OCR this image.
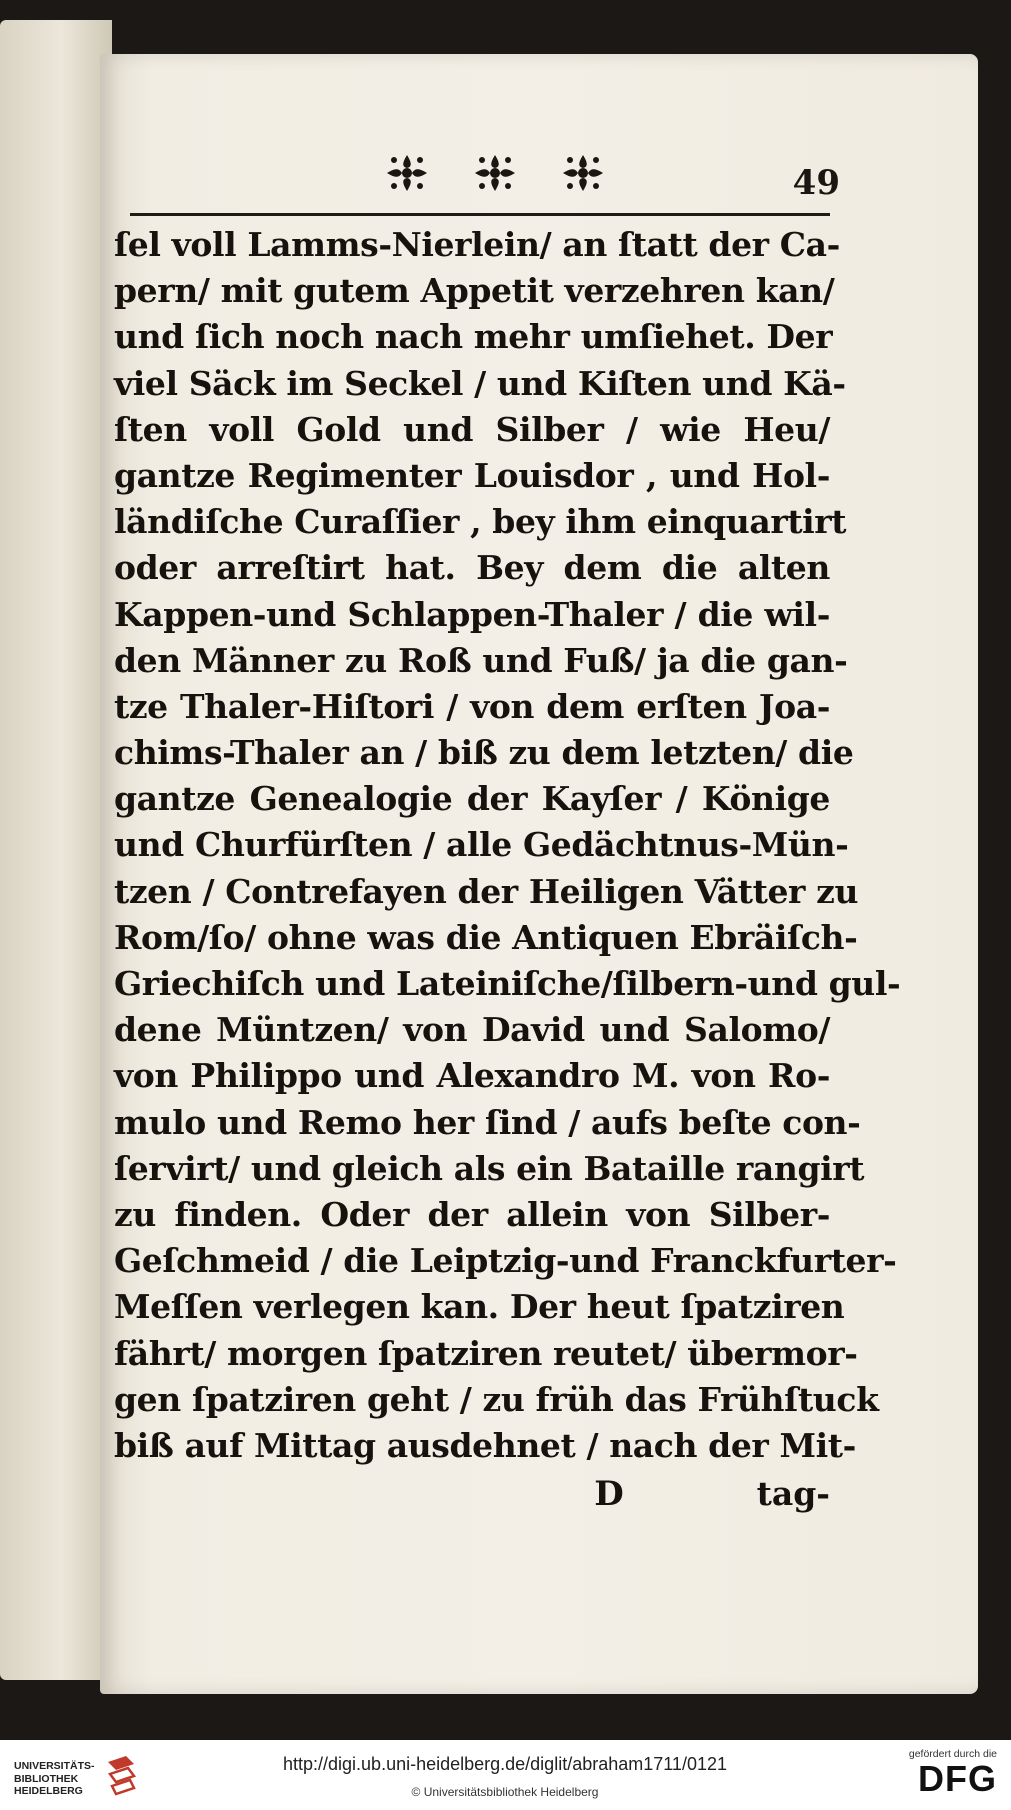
49
ſel voll Lamms-Nierlein/ an ſtatt der Ca-
pern/ mit gutem Appetit verzehren kan/
und ſich noch nach mehr umſiehet. Der
viel Säck im Seckel / und Kiſten und Kä-
ſten voll Gold und Silber / wie Heu/
gantze Regimenter Louisdor , und Hol-
ländiſche Curaſſier , bey ihm einquartirt
oder arreſtirt hat. Bey dem die alten
Kappen-und Schlappen-Thaler / die wil-
den Männer zu Roß und Fuß/ ja die gan-
tze Thaler-Hiſtori / von dem erſten Joa-
chims-Thaler an / biß zu dem letzten/ die
gantze Genealogie der Kayſer / Könige
und Churfürſten / alle Gedächtnus-Mün-
tzen / Contrefayen der Heiligen Vätter zu
Rom/ſo/ ohne was die Antiquen Ebräiſch-
Griechiſch und Lateiniſche/ſilbern-und gul-
dene Müntzen/ von David und Salomo/
von Philippo und Alexandro M. von Ro-
mulo und Remo her ſind / aufs beſte con-
ſervirt/ und gleich als ein Bataille rangirt
zu finden. Oder der allein von Silber-
Geſchmeid / die Leiptzig-und Franckfurter-
Meſſen verlegen kan. Der heut ſpatziren
fährt/ morgen ſpatziren reutet/ übermor-
gen ſpatziren geht / zu früh das Frühſtuck
biß auf Mittag ausdehnet / nach der Mit-
D	tag-
UNIVERSITÄTS-
BIBLIOTHEK
HEIDELBERG
http://digi.ub.uni-heidelberg.de/diglit/abraham1711/0121
© Universitätsbibliothek Heidelberg
gefördert durch die
DFG
